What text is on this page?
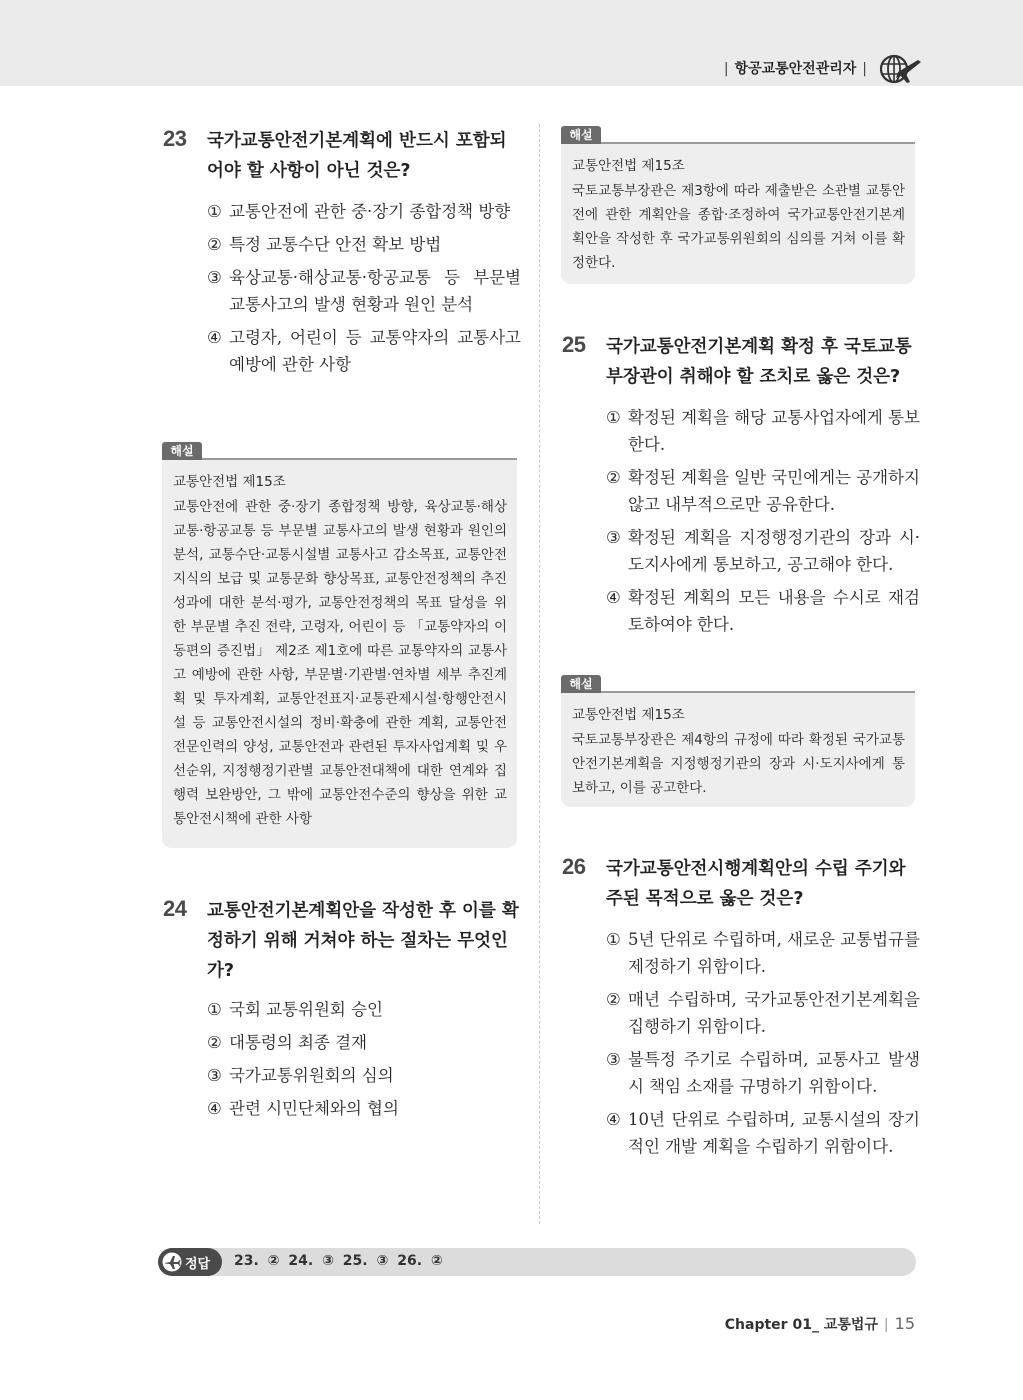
| 항공교통안전관리자 |
23 국가교통안전기본계획에 반드시 포함되어야 할 사항이 아닌 것은?
① 교통안전에 관한 중·장기 종합정책 방향
② 특정 교통수단 안전 확보 방법
③ 육상교통·해상교통·항공교통 등 부문별 교통사고의 발생 현황과 원인 분석
④ 고령자, 어린이 등 교통약자의 교통사고 예방에 관한 사항
해설
교통안전법 제15조
교통안전에 관한 중·장기 종합정책 방향, 육상교통·해상교통·항공교통 등 부문별 교통사고의 발생 현황과 원인의 분석, 교통수단·교통시설별 교통사고 감소목표, 교통안전지식의 보급 및 교통문화 향상목표, 교통안전정책의 추진 성과에 대한 분석·평가, 교통안전정책의 목표 달성을 위한 부문별 추진 전략, 고령자, 어린이 등 「교통약자의 이동편의 증진법」 제2조 제1호에 따른 교통약자의 교통사고 예방에 관한 사항, 부문별·기관별·연차별 세부 추진계획 및 투자계획, 교통안전표지·교통관제시설·항행안전시설 등 교통안전시설의 정비·확충에 관한 계획, 교통안전 전문인력의 양성, 교통안전과 관련된 투자사업계획 및 우선순위, 지정행정기관별 교통안전대책에 대한 연계와 집행력 보완방안, 그 밖에 교통안전수준의 향상을 위한 교통안전시책에 관한 사항
24 교통안전기본계획안을 작성한 후 이를 확정하기 위해 거쳐야 하는 절차는 무엇인가?
① 국회 교통위원회 승인
② 대통령의 최종 결재
③ 국가교통위원회의 심의
④ 관련 시민단체와의 협의
해설
교통안전법 제15조
국토교통부장관은 제3항에 따라 제출받은 소관별 교통안전에 관한 계획안을 종합·조정하여 국가교통안전기본계획안을 작성한 후 국가교통위원회의 심의를 거쳐 이를 확정한다.
25 국가교통안전기본계획 확정 후 국토교통부장관이 취해야 할 조치로 옳은 것은?
① 확정된 계획을 해당 교통사업자에게 통보한다.
② 확정된 계획을 일반 국민에게는 공개하지 않고 내부적으로만 공유한다.
③ 확정된 계획을 지정행정기관의 장과 시·도지사에게 통보하고, 공고해야 한다.
④ 확정된 계획의 모든 내용을 수시로 재검토하여야 한다.
해설
교통안전법 제15조
국토교통부장관은 제4항의 규정에 따라 확정된 국가교통안전기본계획을 지정행정기관의 장과 시·도지사에게 통보하고, 이를 공고한다.
26 국가교통안전시행계획안의 수립 주기와 주된 목적으로 옳은 것은?
① 5년 단위로 수립하며, 새로운 교통법규를 제정하기 위함이다.
② 매년 수립하며, 국가교통안전기본계획을 집행하기 위함이다.
③ 불특정 주기로 수립하며, 교통사고 발생 시 책임 소재를 규명하기 위함이다.
④ 10년 단위로 수립하며, 교통시설의 장기적인 개발 계획을 수립하기 위함이다.
정답 23. ② 24. ③ 25. ③ 26. ②
Chapter 01_ 교통법규 | 15
